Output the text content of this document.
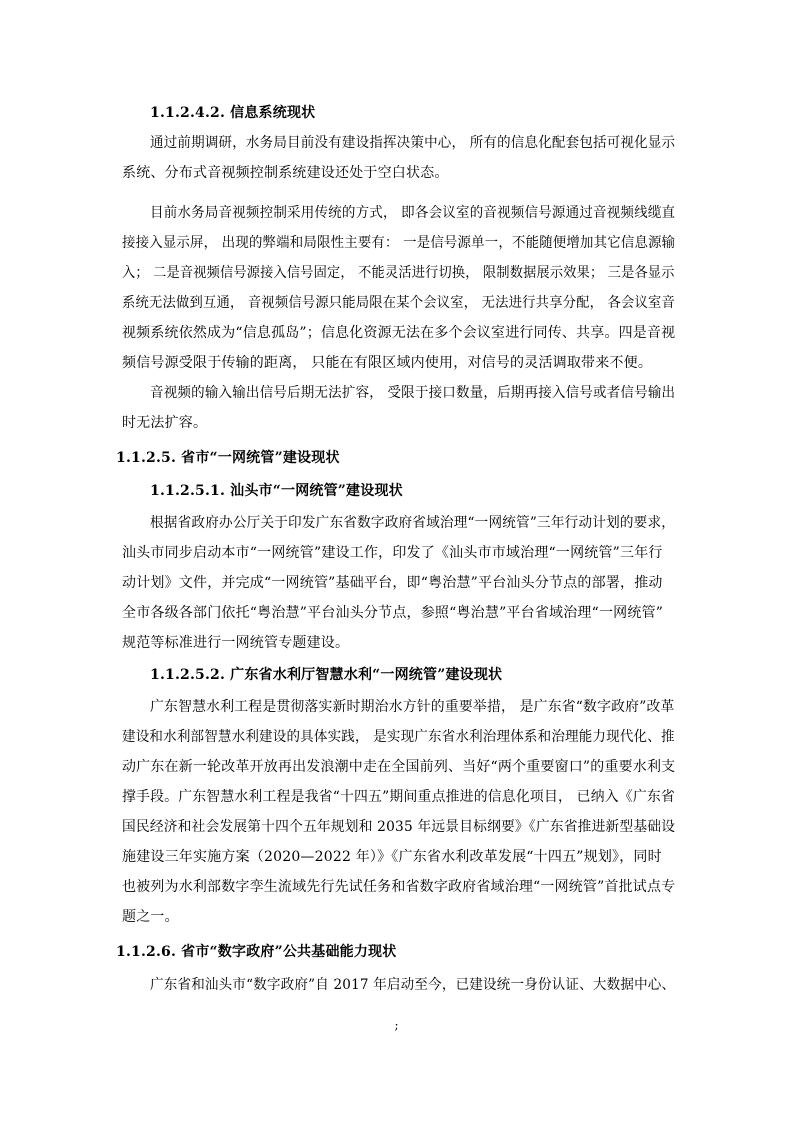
1.1.2.4.2. 信息系统现状

通过前期调研，水务局目前没有建设指挥决策中心， 所有的信息化配套包括可视化显示

系统、分布式音视频控制系统建设还处于空白状态。

目前水务局音视频控制采用传统的方式， 即各会议室的音视频信号源通过音视频线缆直

接接入显示屏， 出现的弊端和局限性主要有： 一是信号源单一，不能随便增加其它信息源输

入； 二是音视频信号源接入信号固定， 不能灵活进行切换， 限制数据展示效果； 三是各显示

系统无法做到互通， 音视频信号源只能局限在某个会议室， 无法进行共享分配， 各会议室音

视频系统依然成为“信息孤岛”；信息化资源无法在多个会议室进行同传、共享。四是音视

频信号源受限于传输的距离， 只能在有限区域内使用，对信号的灵活调取带来不便。

音视频的输入输出信号后期无法扩容， 受限于接口数量，后期再接入信号或者信号输出

时无法扩容。

1.1.2.5. 省市“一网统管”建设现状

1.1.2.5.1. 汕头市“一网统管”建设现状

根据省政府办公厅关于印发广东省数字政府省域治理“一网统管”三年行动计划的要求，

汕头市同步启动本市“一网统管”建设工作，印发了《汕头市市域治理“一网统管”三年行

动计划》文件，并完成“一网统管”基础平台，即“粤治慧”平台汕头分节点的部署，推动

全市各级各部门依托“粤治慧”平台汕头分节点，参照“粤治慧”平台省域治理“一网统管”

规范等标准进行一网统管专题建设。

1.1.2.5.2. 广东省水利厅智慧水利“一网统管”建设现状

广东智慧水利工程是贯彻落实新时期治水方针的重要举措， 是广东省“数字政府”改革

建设和水利部智慧水利建设的具体实践， 是实现广东省水利治理体系和治理能力现代化、推

动广东在新一轮改革开放再出发浪潮中走在全国前列、当好“两个重要窗口”的重要水利支

撑手段。广东智慧水利工程是我省“十四五”期间重点推进的信息化项目， 已纳入《广东省

国民经济和社会发展第十四个五年规划和 2035 年远景目标纲要》《广东省推进新型基础设

施建设三年实施方案（2020—2022 年）》《广东省水利改革发展“十四五”规划》，同时

也被列为水利部数字孪生流域先行先试任务和省数字政府省域治理“一网统管”首批试点专

题之一。

1.1.2.6. 省市“数字政府”公共基础能力现状

广东省和汕头市“数字政府”自 2017 年启动至今，已建设统一身份认证、大数据中心、

;
